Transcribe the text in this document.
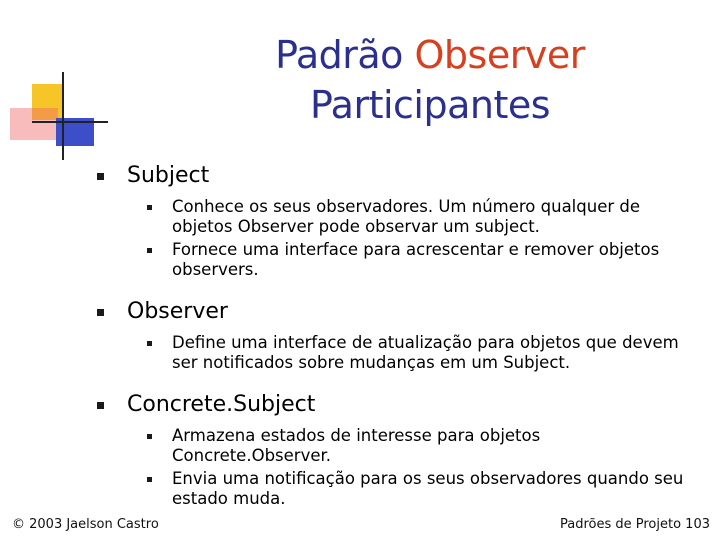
Padrão Observer
Participantes
Subject
Conhece os seus observadores. Um número qualquer de objetos Observer pode observar um subject.
Fornece uma interface para acrescentar e remover objetos observers.
Observer
Define uma interface de atualização para objetos que devem ser notificados sobre mudanças em um Subject.
Concrete.Subject
Armazena estados de interesse para objetos Concrete.Observer.
Envia uma notificação para os seus observadores quando seu estado muda.
© 2003 Jaelson Castro	Padrões de Projeto 103
